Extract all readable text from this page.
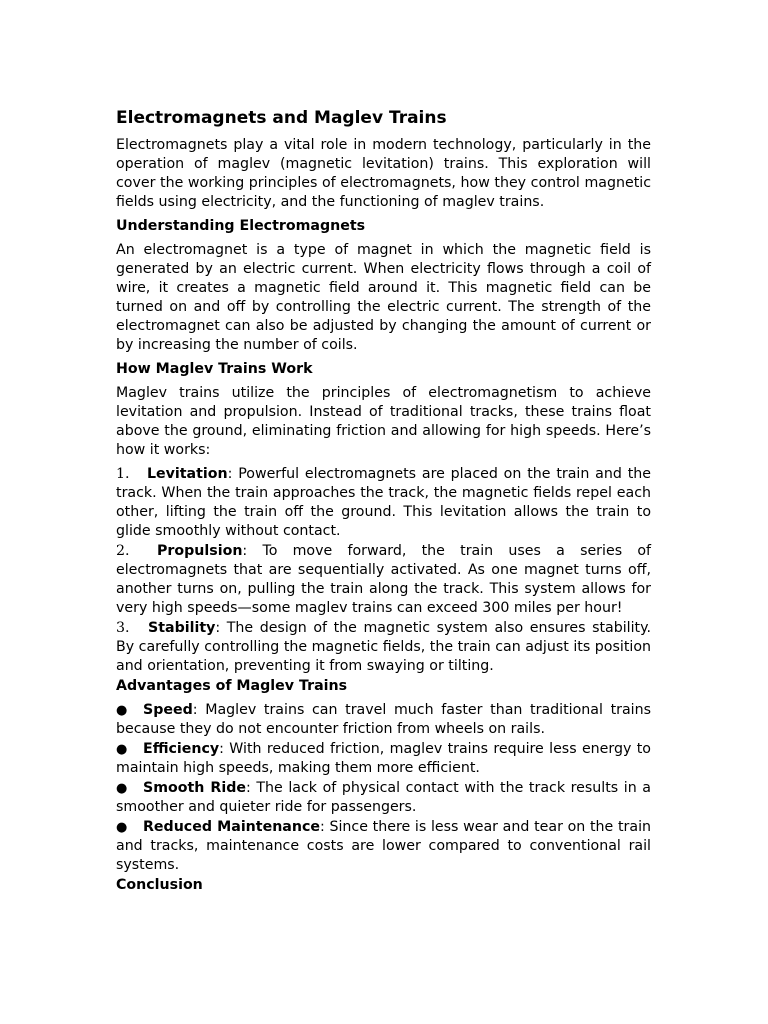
Electromagnets and Maglev Trains

Electromagnets play a vital role in modern technology, particularly in the operation of maglev (magnetic levitation) trains. This exploration will cover the working principles of electromagnets, how they control magnetic fields using electricity, and the functioning of maglev trains.

Understanding Electromagnets

An electromagnet is a type of magnet in which the magnetic field is generated by an electric current. When electricity flows through a coil of wire, it creates a magnetic field around it. This magnetic field can be turned on and off by controlling the electric current. The strength of the electromagnet can also be adjusted by changing the amount of current or by increasing the number of coils.

How Maglev Trains Work

Maglev trains utilize the principles of electromagnetism to achieve levitation and propulsion. Instead of traditional tracks, these trains float above the ground, eliminating friction and allowing for high speeds. Here’s how it works:

1. Levitation: Powerful electromagnets are placed on the train and the track. When the train approaches the track, the magnetic fields repel each other, lifting the train off the ground. This levitation allows the train to glide smoothly without contact.

2. Propulsion: To move forward, the train uses a series of electromagnets that are sequentially activated. As one magnet turns off, another turns on, pulling the train along the track. This system allows for very high speeds—some maglev trains can exceed 300 miles per hour!

3. Stability: The design of the magnetic system also ensures stability. By carefully controlling the magnetic fields, the train can adjust its position and orientation, preventing it from swaying or tilting.

Advantages of Maglev Trains

● Speed: Maglev trains can travel much faster than traditional trains because they do not encounter friction from wheels on rails.

● Efficiency: With reduced friction, maglev trains require less energy to maintain high speeds, making them more efficient.

● Smooth Ride: The lack of physical contact with the track results in a smoother and quieter ride for passengers.

● Reduced Maintenance: Since there is less wear and tear on the train and tracks, maintenance costs are lower compared to conventional rail systems.

Conclusion
